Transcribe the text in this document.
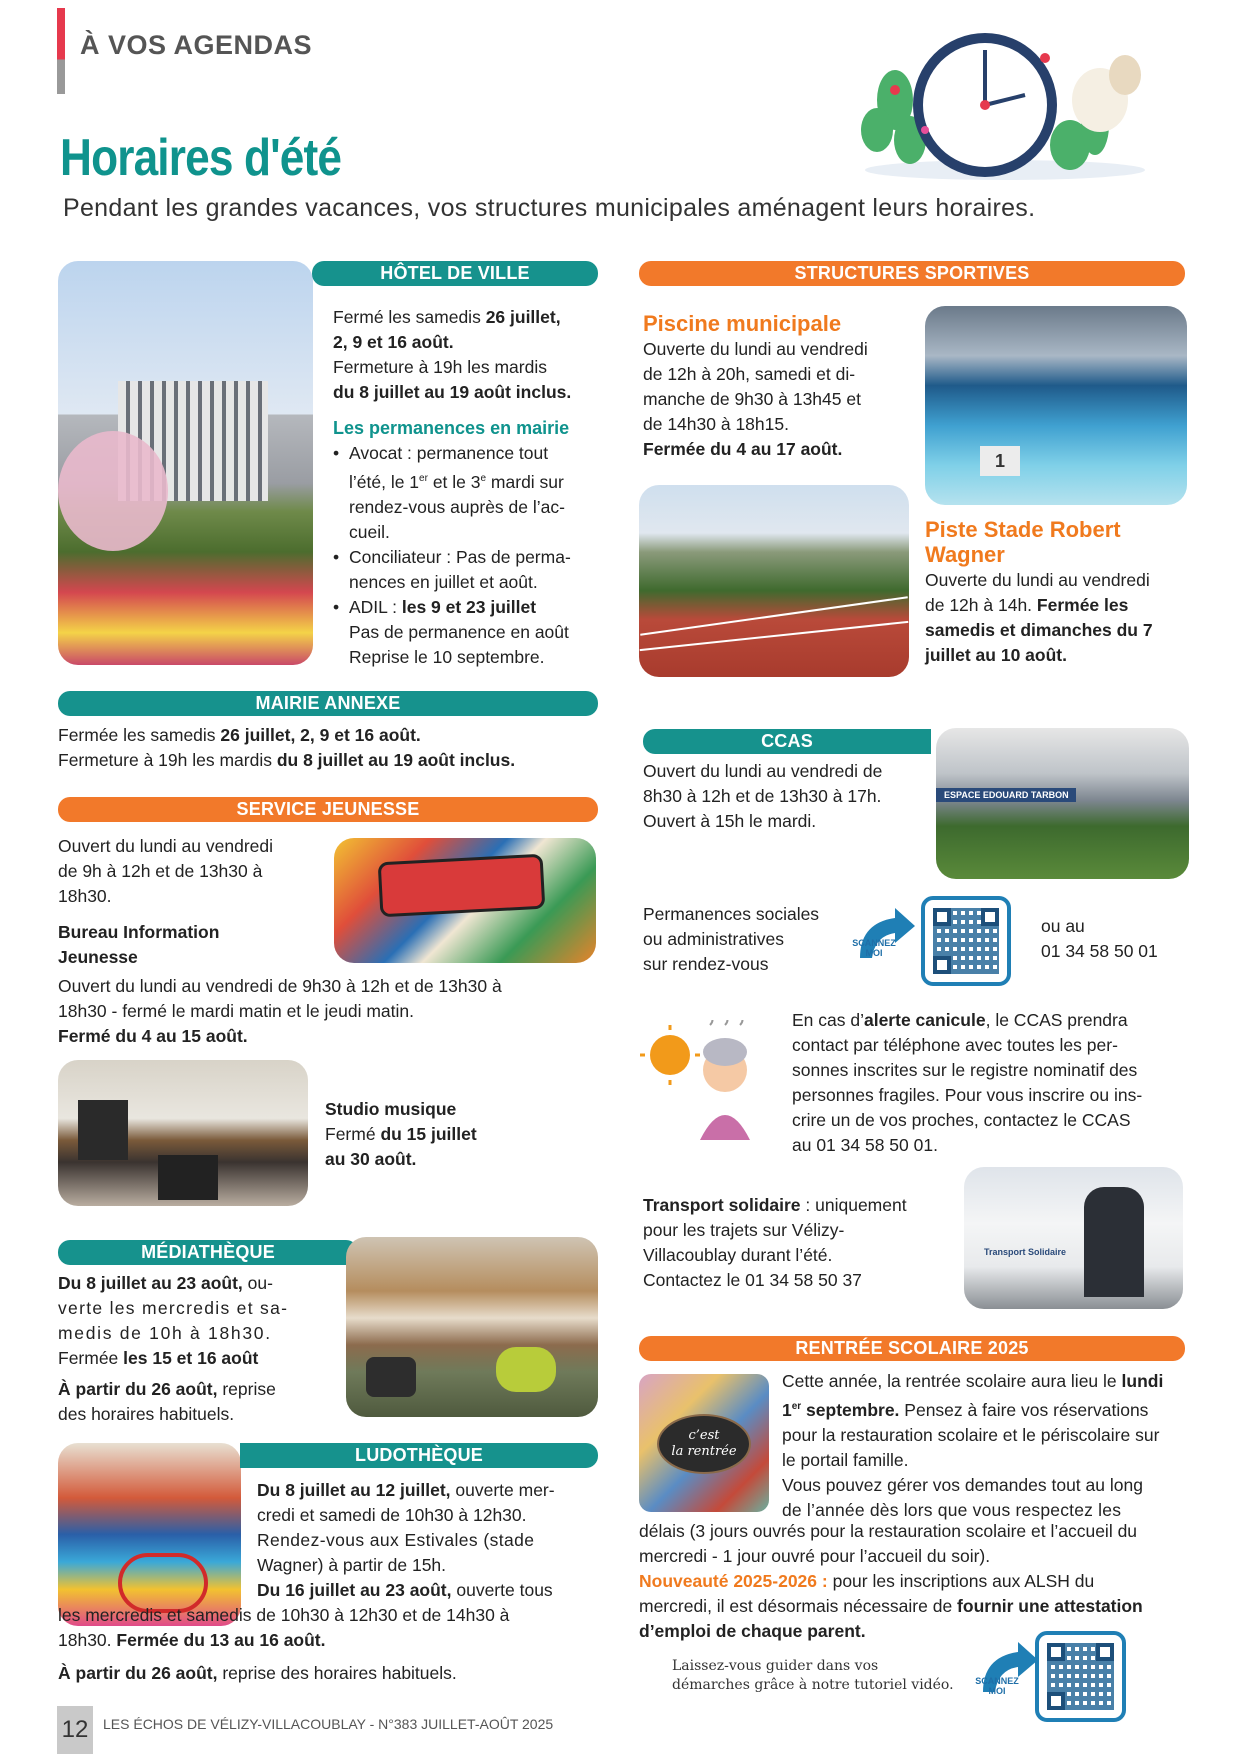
À VOS AGENDAS
Horaires d'été
Pendant les grandes vacances, vos structures municipales aménagent leurs horaires.
HÔTEL DE VILLE
Fermé les samedis 26 juillet,
2, 9 et 16 août.
Fermeture à 19h les mardis
du 8 juillet au 19 août inclus.
Les permanences en mairie
• Avocat : permanence tout
l’été, le 1er et le 3e mardi sur
rendez-vous auprès de l’ac-
cueil.
• Conciliateur : Pas de perma-
nences en juillet et août.
• ADIL : les 9 et 23 juillet
Pas de permanence en août
Reprise le 10 septembre.
MAIRIE ANNEXE
Fermée les samedis 26 juillet, 2, 9 et 16 août.
Fermeture à 19h les mardis du 8 juillet au 19 août inclus.
SERVICE JEUNESSE
Ouvert du lundi au vendredi
de 9h à 12h et de 13h30 à
18h30.
Bureau Information
Jeunesse
Ouvert du lundi au vendredi de 9h30 à 12h et de 13h30 à
18h30 - fermé le mardi matin et le jeudi matin.
Fermé du 4 au 15 août.
Studio musique
Fermé du 15 juillet
au 30 août.
MÉDIATHÈQUE
Du 8 juillet au 23 août, ou-
verte les mercredis et sa-
medis de 10h à 18h30.
Fermée les 15 et 16 août
À partir du 26 août, reprise
des horaires habituels.
LUDOTHÈQUE
Du 8 juillet au 12 juillet, ouverte mer-
credi et samedi de 10h30 à 12h30.
Rendez-vous aux Estivales (stade
Wagner) à partir de 15h.
Du 16 juillet au 23 août, ouverte tous
les mercredis et samedis de 10h30 à 12h30 et de 14h30 à
18h30. Fermée du 13 au 16 août.
À partir du 26 août, reprise des horaires habituels.
12	LES ÉCHOS DE VÉLIZY-VILLACOUBLAY - N°383 JUILLET-AOÛT 2025
STRUCTURES SPORTIVES
Piscine municipale
Ouverte du lundi au vendredi
de 12h à 20h, samedi et di-
manche de 9h30 à 13h45 et
de 14h30 à 18h15.
Fermée du 4 au 17 août.
1
Piste Stade Robert
Wagner
Ouverte du lundi au vendredi
de 12h à 14h. Fermée les
samedis et dimanches du 7
juillet au 10 août.
CCAS
ESPACE EDOUARD TARBON
Ouvert du lundi au vendredi de
8h30 à 12h et de 13h30 à 17h.
Ouvert à 15h le mardi.
Permanences sociales
ou administratives
sur rendez-vous
SCANNEZ MOI
ou au
01 34 58 50 01
En cas d’alerte canicule, le CCAS prendra
contact par téléphone avec toutes les per-
sonnes inscrites sur le registre nominatif des
personnes fragiles. Pour vous inscrire ou ins-
crire un de vos proches, contactez le CCAS
au 01 34 58 50 01.
Transport solidaire : uniquement
pour les trajets sur Vélizy-
Villacoublay durant l’été.
Contactez le 01 34 58 50 37
Transport Solidaire
RENTRÉE SCOLAIRE 2025
c’est
la rentrée
Cette année, la rentrée scolaire aura lieu le lundi
1er septembre. Pensez à faire vos réservations
pour la restauration scolaire et le périscolaire sur
le portail famille.
Vous pouvez gérer vos demandes tout au long
de l’année dès lors que vous respectez les
délais (3 jours ouvrés pour la restauration scolaire et l’accueil du
mercredi - 1 jour ouvré pour l’accueil du soir).
Nouveauté 2025-2026 : pour les inscriptions aux ALSH du
mercredi, il est désormais nécessaire de fournir une attestation
d’emploi de chaque parent.
Laissez-vous guider dans vos
démarches grâce à notre tutoriel vidéo.	SCANNEZ MOI
